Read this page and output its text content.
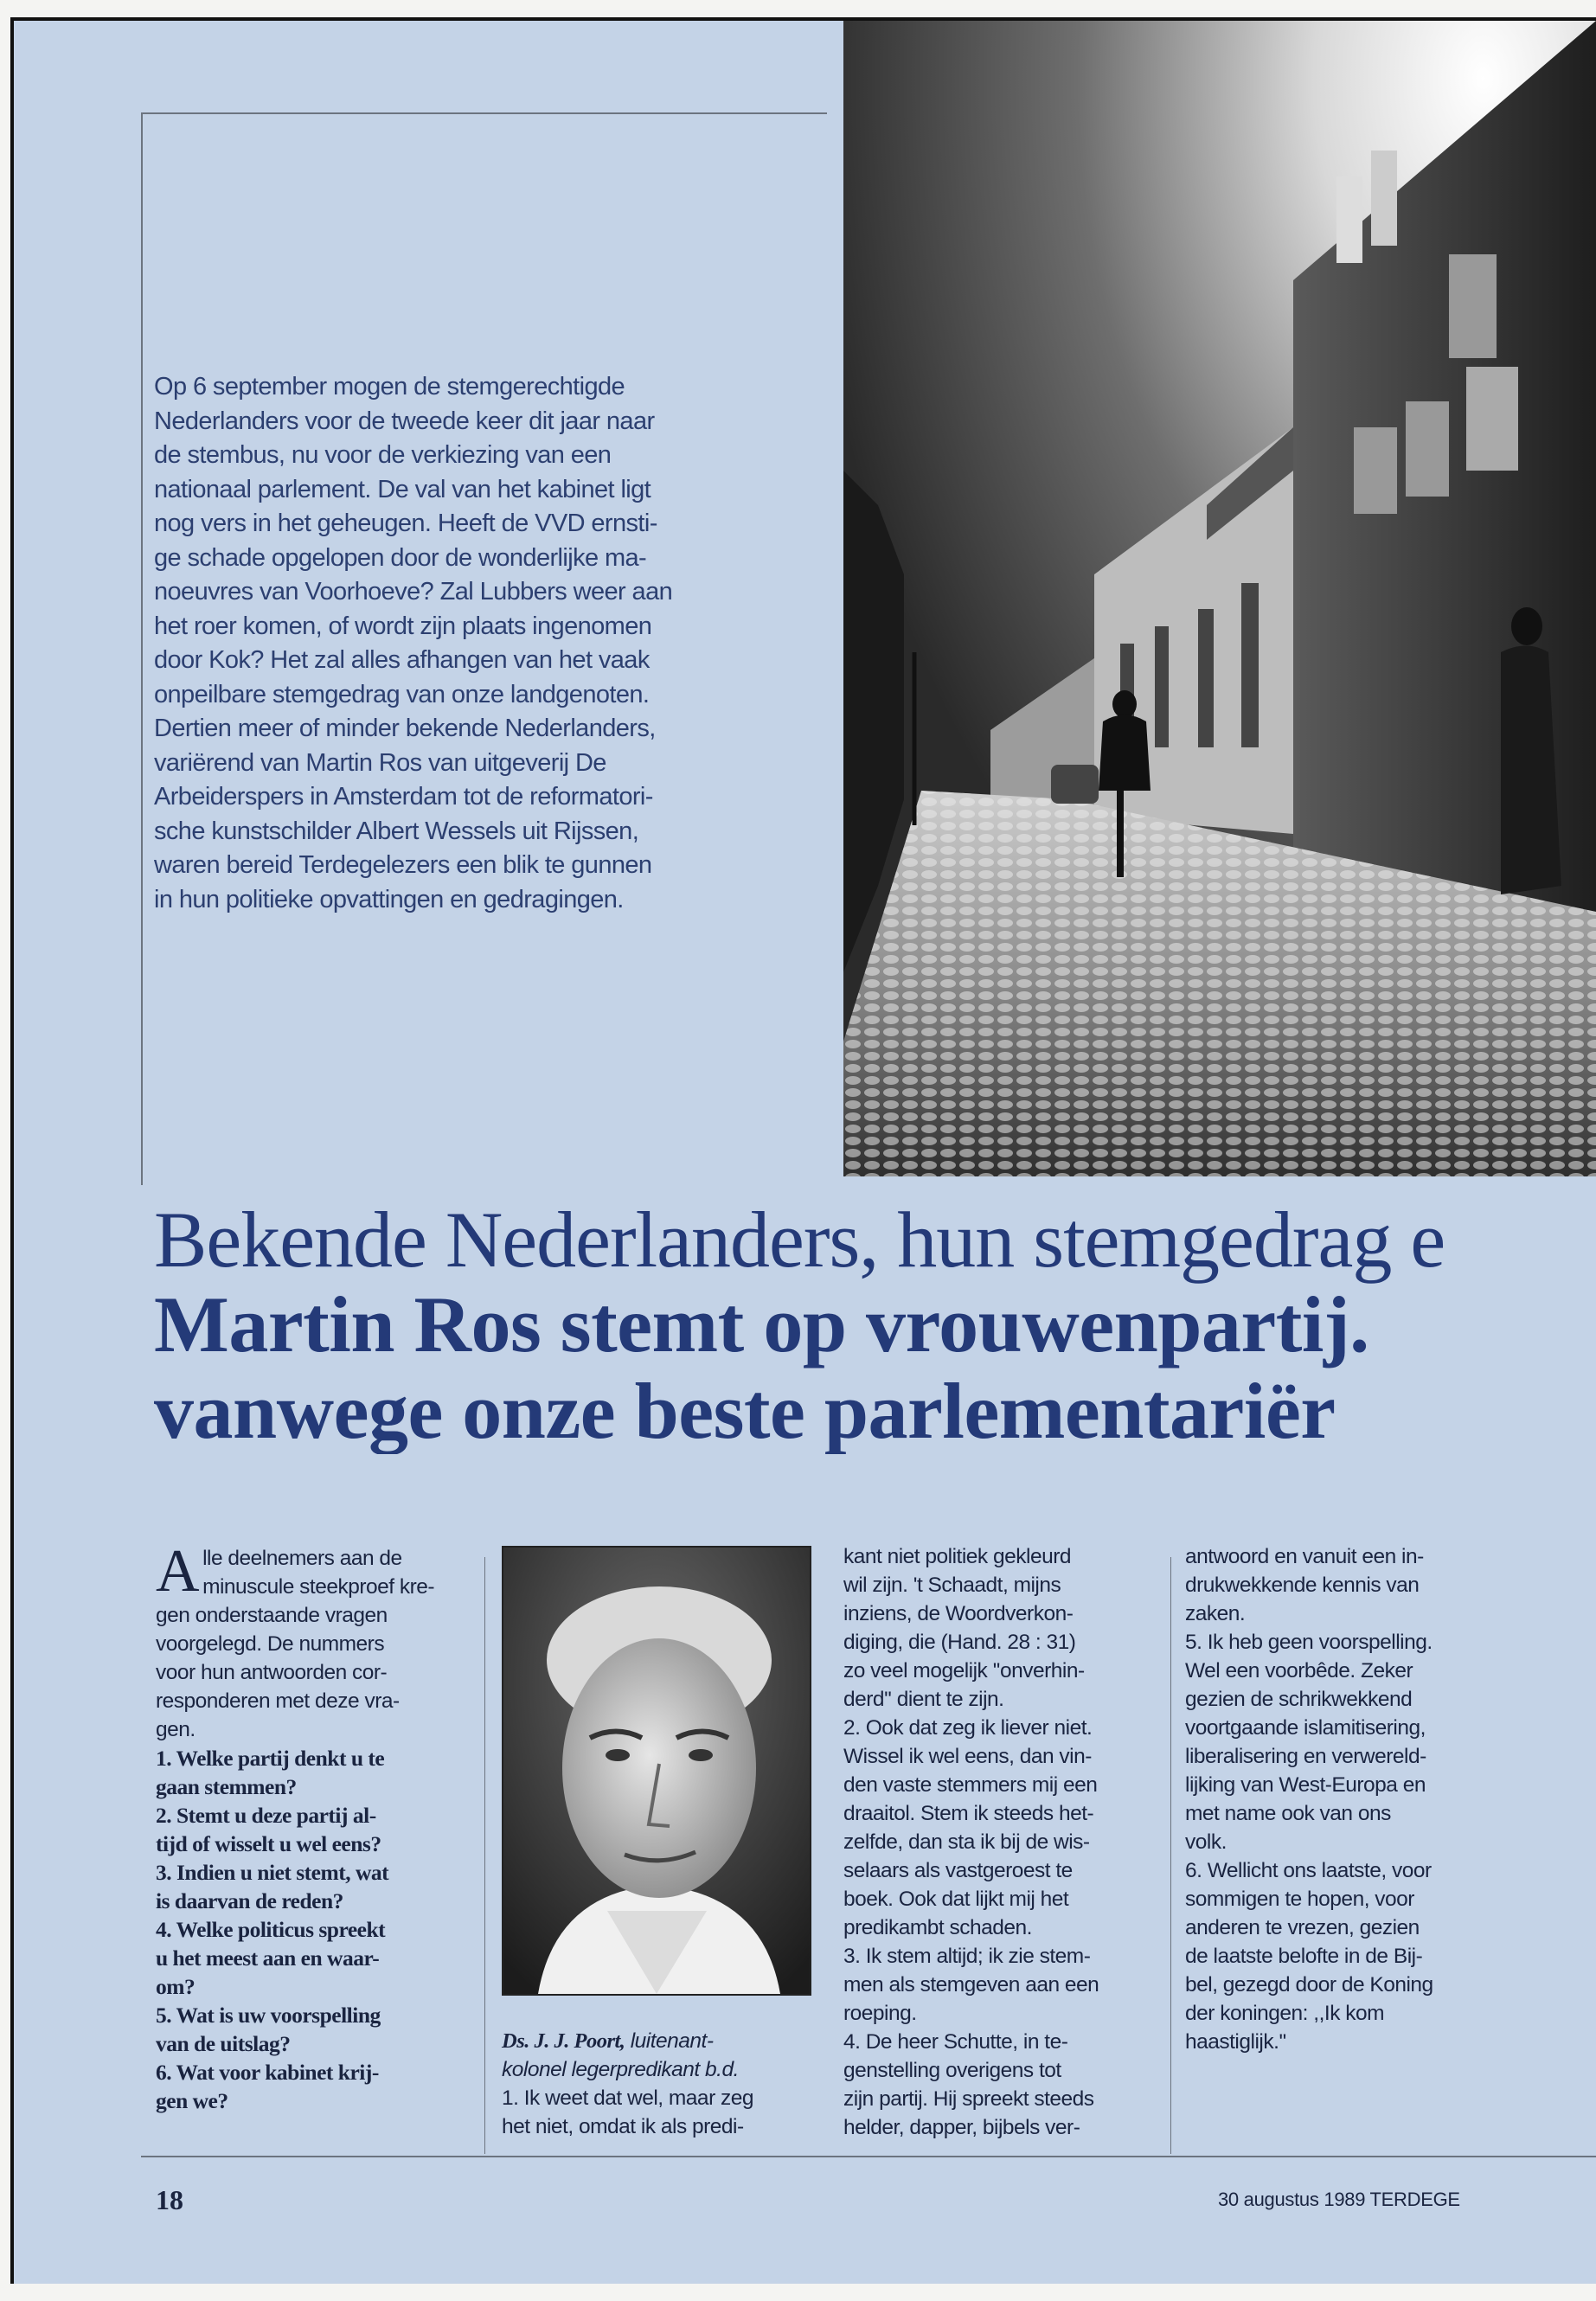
Op 6 september mogen de stemgerechtigde
Nederlanders voor de tweede keer dit jaar naar
de stembus, nu voor de verkiezing van een
nationaal parlement. De val van het kabinet ligt
nog vers in het geheugen. Heeft de VVD ernsti-
ge schade opgelopen door de wonderlijke ma-
noeuvres van Voorhoeve? Zal Lubbers weer aan
het roer komen, of wordt zijn plaats ingenomen
door Kok? Het zal alles afhangen van het vaak
onpeilbare stemgedrag van onze landgenoten.
Dertien meer of minder bekende Nederlanders,
variërend van Martin Ros van uitgeverij De
Arbeiderspers in Amsterdam tot de reformatori-
sche kunstschilder Albert Wessels uit Rijssen,
waren bereid Terdegelezers een blik te gunnen
in hun politieke opvattingen en gedragingen.

Bekende Nederlanders, hun stemgedrag e
Martin Ros stemt op vrouwenpartij.
vanwege onze beste parlementariër

Alle deelnemers aan de
minuscule steekproef kre-
gen onderstaande vragen
voorgelegd. De nummers
voor hun antwoorden cor-
responderen met deze vra-
gen.

1. Welke partij denkt u te
gaan stemmen?
2. Stemt u deze partij al-
tijd of wisselt u wel eens?
3. Indien u niet stemt, wat
is daarvan de reden?
4. Welke politicus spreekt
u het meest aan en waar-
om?
5. Wat is uw voorspelling
van de uitslag?
6. Wat voor kabinet krij-
gen we?

Ds. J. J. Poort, luitenant-
kolonel legerpredikant b.d.
1. Ik weet dat wel, maar zeg
het niet, omdat ik als predi-

kant niet politiek gekleurd
wil zijn. 't Schaadt, mijns
inziens, de Woordverkon-
diging, die (Hand. 28 : 31)
zo veel mogelijk ''onverhin-
derd'' dient te zijn.
2. Ook dat zeg ik liever niet.
Wissel ik wel eens, dan vin-
den vaste stemmers mij een
draaitol. Stem ik steeds het-
zelfde, dan sta ik bij de wis-
selaars als vastgeroest te
boek. Ook dat lijkt mij het
predikambt schaden.
3. Ik stem altijd; ik zie stem-
men als stemgeven aan een
roeping.
4. De heer Schutte, in te-
genstelling overigens tot
zijn partij. Hij spreekt steeds
helder, dapper, bijbels ver-

antwoord en vanuit een in-
drukwekkende kennis van
zaken.
5. Ik heb geen voorspelling.
Wel een voorbêde. Zeker
gezien de schrikwekkend
voortgaande islamitisering,
liberalisering en verwereld-
lijking van West-Europa en
met name ook van ons
volk.
6. Wellicht ons laatste, voor
sommigen te hopen, voor
anderen te vrezen, gezien
de laatste belofte in de Bij-
bel, gezegd door de Koning
der koningen: ,,Ik kom
haastiglijk.''

18	30 augustus 1989 TERDEGE
